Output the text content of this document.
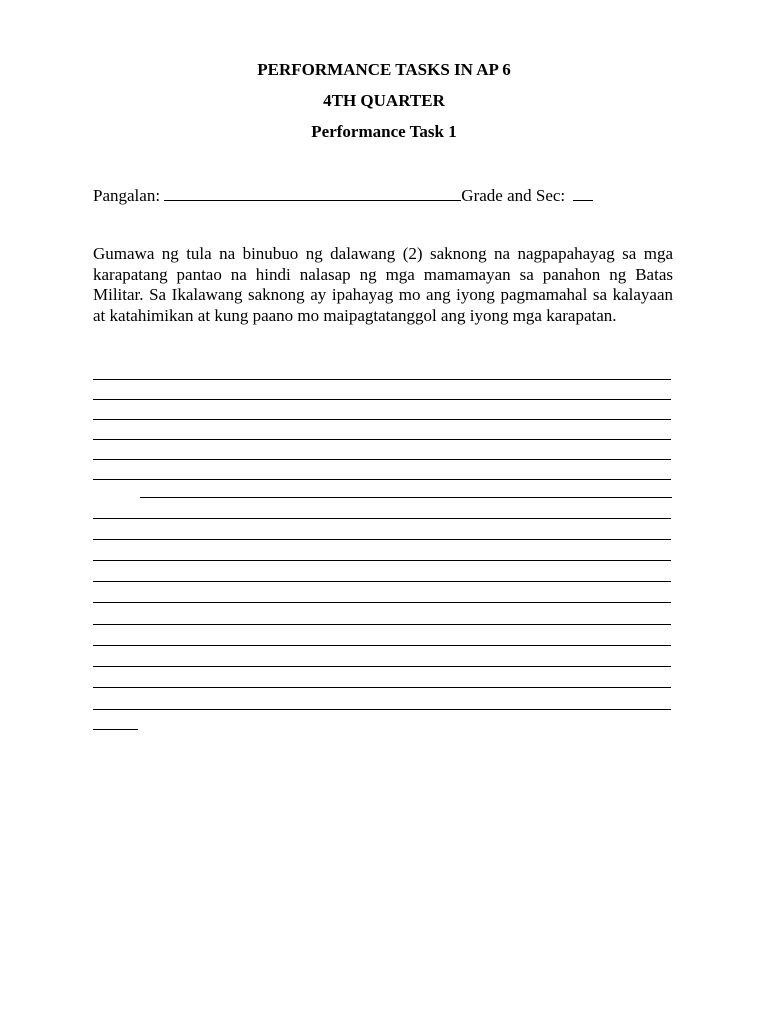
PERFORMANCE TASKS IN AP 6
4TH QUARTER
Performance Task 1
Pangalan:	Grade and Sec:
Gumawa ng tula na binubuo ng dalawang (2) saknong na nagpapahayag sa mga karapatang pantao na hindi nalasap ng mga mamamayan sa panahon ng Batas Militar. Sa Ikalawang saknong ay ipahayag mo ang iyong pagmamahal sa kalayaan at katahimikan at kung paano mo maipagtatanggol ang iyong mga karapatan.
